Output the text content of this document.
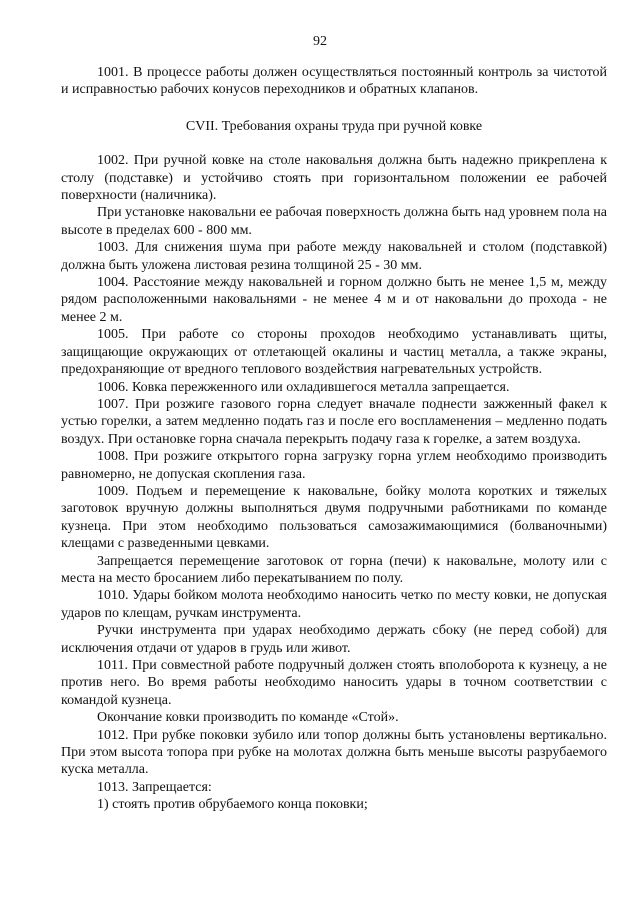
92

1001. В процессе работы должен осуществляться постоянный контроль за чистотой и исправностью рабочих конусов переходников и обратных клапанов.

CVII. Требования охраны труда при ручной ковке

1002. При ручной ковке на столе наковальня должна быть надежно прикреплена к столу (подставке) и устойчиво стоять при горизонтальном положении ее рабочей поверхности (наличника).

При установке наковальни ее рабочая поверхность должна быть над уровнем пола на высоте в пределах 600 - 800 мм.

1003. Для снижения шума при работе между наковальней и столом (подставкой) должна быть уложена листовая резина толщиной 25 - 30 мм.

1004. Расстояние между наковальней и горном должно быть не менее 1,5 м, между рядом расположенными наковальнями - не менее 4 м и от наковальни до прохода - не менее 2 м.

1005. При работе со стороны проходов необходимо устанавливать щиты, защищающие окружающих от отлетающей окалины и частиц металла, а также экраны, предохраняющие от вредного теплового воздействия нагревательных устройств.

1006. Ковка пережженного или охладившегося металла запрещается.

1007. При розжиге газового горна следует вначале поднести зажженный факел к устью горелки, а затем медленно подать газ и после его воспламенения – медленно подать воздух. При остановке горна сначала перекрыть подачу газа к горелке, а затем воздуха.

1008. При розжиге открытого горна загрузку горна углем необходимо производить равномерно, не допуская скопления газа.

1009. Подъем и перемещение к наковальне, бойку молота коротких и тяжелых заготовок вручную должны выполняться двумя подручными работниками по команде кузнеца. При этом необходимо пользоваться самозажимающимися (болваночными) клещами с разведенными цевками.

Запрещается перемещение заготовок от горна (печи) к наковальне, молоту или с места на место бросанием либо перекатыванием по полу.

1010. Удары бойком молота необходимо наносить четко по месту ковки, не допуская ударов по клещам, ручкам инструмента.

Ручки инструмента при ударах необходимо держать сбоку (не перед собой) для исключения отдачи от ударов в грудь или живот.

1011. При совместной работе подручный должен стоять вполоборота к кузнецу, а не против него. Во время работы необходимо наносить удары в точном соответствии с командой кузнеца.

Окончание ковки производить по команде «Стой».

1012. При рубке поковки зубило или топор должны быть установлены вертикально. При этом высота топора при рубке на молотах должна быть меньше высоты разрубаемого куска металла.

1013. Запрещается:

1) стоять против обрубаемого конца поковки;
